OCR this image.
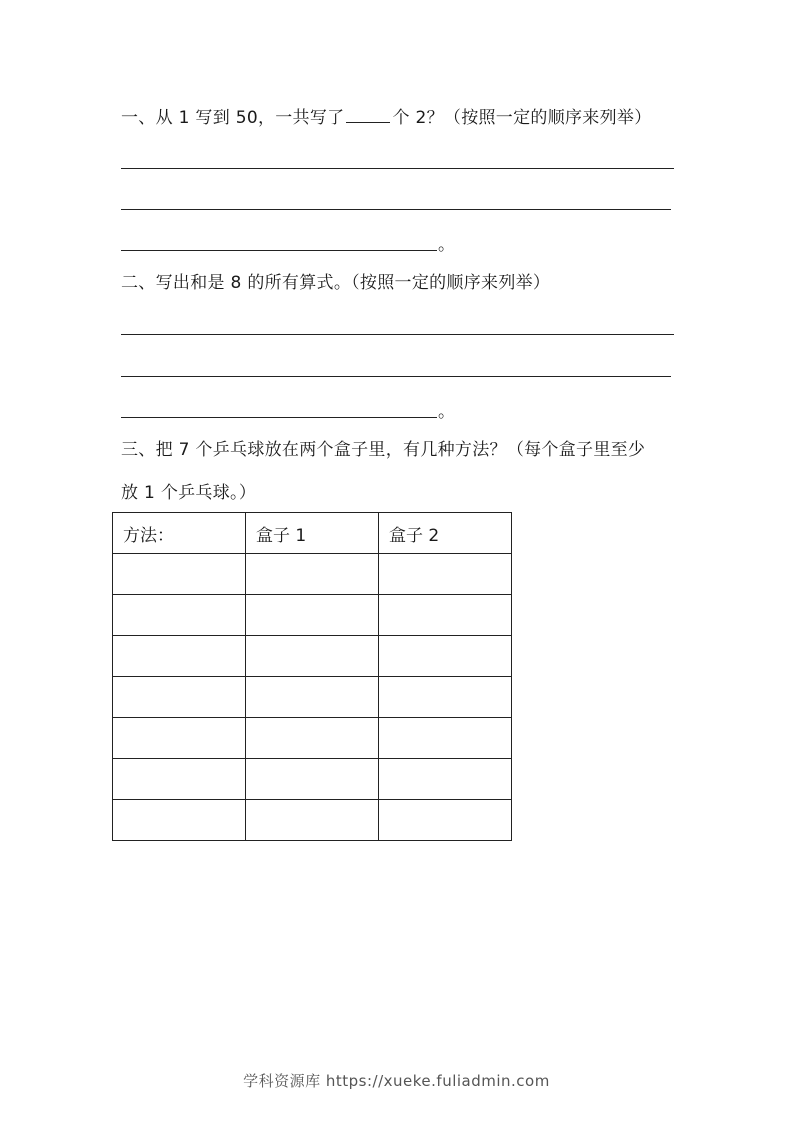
一、从 1 写到 50，一共写了	个 2？（按照一定的顺序来列举）
。
二、写出和是 8 的所有算式。（按照一定的顺序来列举）
。
三、把 7 个乒乓球放在两个盒子里，有几种方法？（每个盒子里至少
放 1 个乒乓球。）
方法：	盒子 1	盒子 2

学科资源库 https://xueke.fuliadmin.com
